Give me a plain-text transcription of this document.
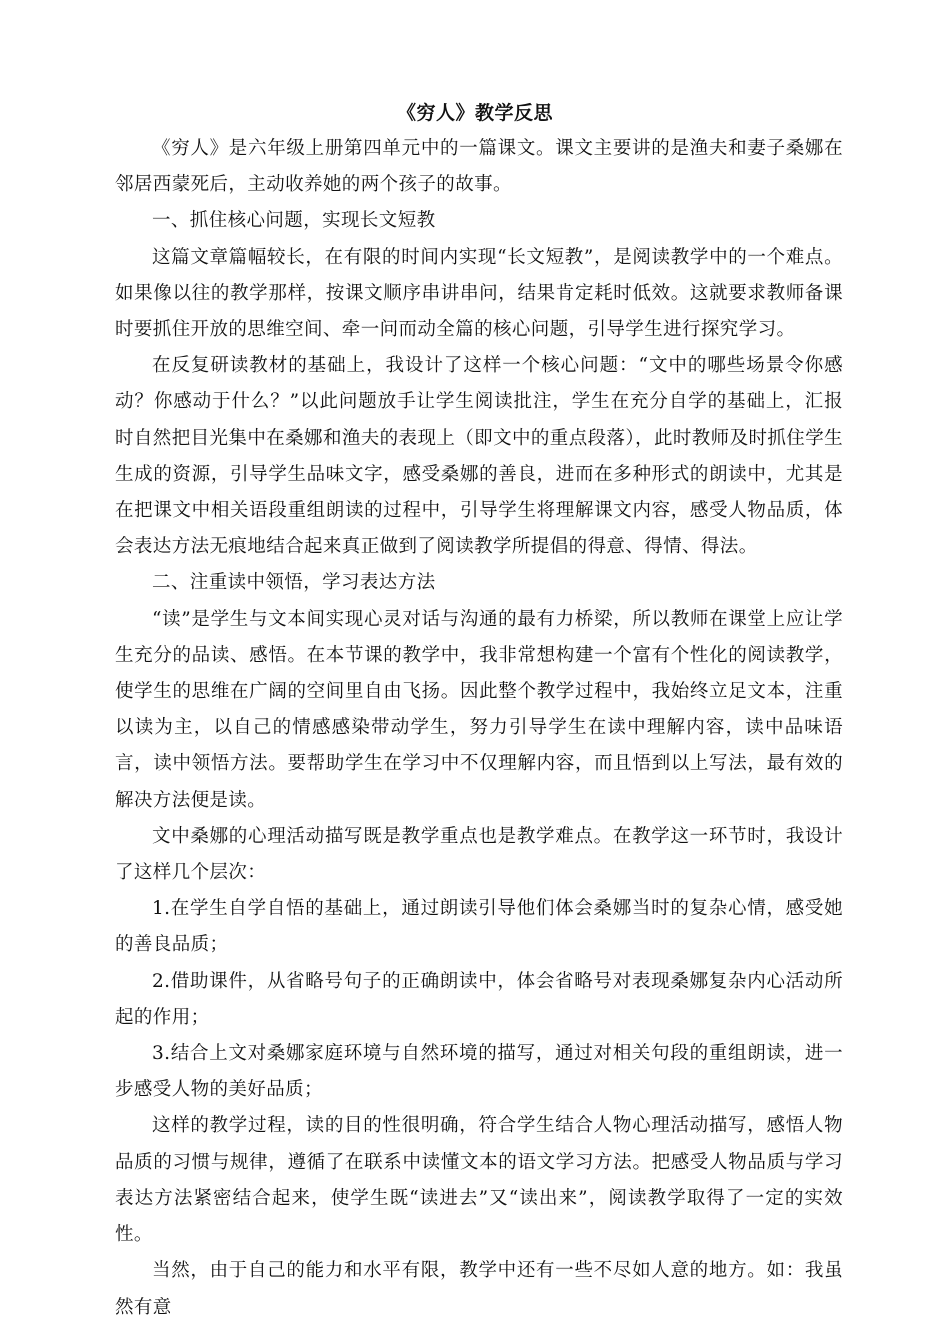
《穷人》教学反思

《穷人》是六年级上册第四单元中的一篇课文。课文主要讲的是渔夫和妻子桑娜在邻居西蒙死后，主动收养她的两个孩子的故事。

一、抓住核心问题，实现长文短教

这篇文章篇幅较长，在有限的时间内实现“长文短教”，是阅读教学中的一个难点。如果像以往的教学那样，按课文顺序串讲串问，结果肯定耗时低效。这就要求教师备课时要抓住开放的思维空间、牵一问而动全篇的核心问题，引导学生进行探究学习。

在反复研读教材的基础上，我设计了这样一个核心问题：“文中的哪些场景令你感动？你感动于什么？”以此问题放手让学生阅读批注，学生在充分自学的基础上，汇报时自然把目光集中在桑娜和渔夫的表现上（即文中的重点段落），此时教师及时抓住学生生成的资源，引导学生品味文字，感受桑娜的善良，进而在多种形式的朗读中，尤其是在把课文中相关语段重组朗读的过程中，引导学生将理解课文内容，感受人物品质，体会表达方法无痕地结合起来真正做到了阅读教学所提倡的得意、得情、得法。

二、注重读中领悟，学习表达方法

“读”是学生与文本间实现心灵对话与沟通的最有力桥梁，所以教师在课堂上应让学生充分的品读、感悟。在本节课的教学中，我非常想构建一个富有个性化的阅读教学，使学生的思维在广阔的空间里自由飞扬。因此整个教学过程中，我始终立足文本，注重以读为主，以自己的情感感染带动学生，努力引导学生在读中理解内容，读中品味语言，读中领悟方法。要帮助学生在学习中不仅理解内容，而且悟到以上写法，最有效的解决方法便是读。

文中桑娜的心理活动描写既是教学重点也是教学难点。在教学这一环节时，我设计了这样几个层次：

1.在学生自学自悟的基础上，通过朗读引导他们体会桑娜当时的复杂心情，感受她的善良品质；

2.借助课件，从省略号句子的正确朗读中，体会省略号对表现桑娜复杂内心活动所起的作用；

3.结合上文对桑娜家庭环境与自然环境的描写，通过对相关句段的重组朗读，进一步感受人物的美好品质；

这样的教学过程，读的目的性很明确，符合学生结合人物心理活动描写，感悟人物品质的习惯与规律，遵循了在联系中读懂文本的语文学习方法。把感受人物品质与学习表达方法紧密结合起来，使学生既“读进去”又“读出来”，阅读教学取得了一定的实效性。

当然，由于自己的能力和水平有限，教学中还有一些不尽如人意的地方。如：我虽然有意
